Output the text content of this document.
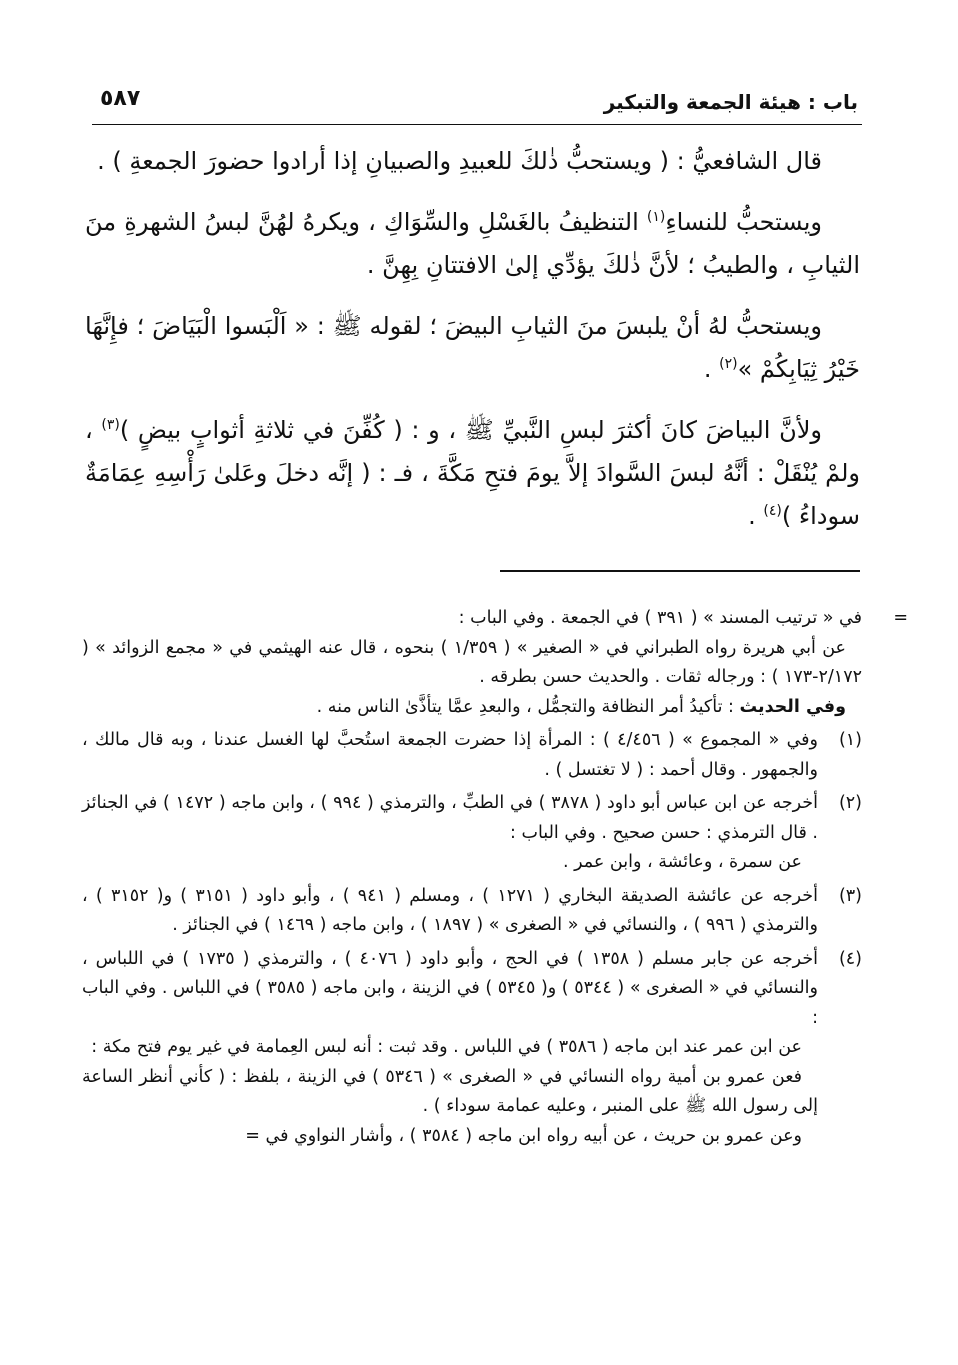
باب : هيئة الجمعة والتبكير
٥٨٧

قال الشافعيُّ : ( ويستحبُّ ذٰلكَ للعبيدِ والصبيانِ إذا أرادوا حضورَ الجمعةِ ) .

ويستحبُّ للنساءِ$^{(١)}$ التنظيفُ بالغَسْلِ والسِّوَاكِ ، ويكرهُ لهُنَّ لبسُ الشهرةِ منَ الثيابِ ، والطيبُ ؛ لأنَّ ذٰلكَ يؤدِّي إلىٰ الافتتانِ بِهِنَّ .

ويستحبُّ لهُ أنْ يلبسَ منَ الثيابِ البيضَ ؛ لقوله ﷺ : « اَلْبَسوا الْبَيَاضَ ؛ فإِنَّهَا خَيْرُ ثِيَابِكُمْ »$^{(٢)}$ .

ولأنَّ البياضَ كانَ أكثرَ لبسِ النَّبيِّ ﷺ ، و : ( كُفِّنَ في ثلاثةِ أثوابٍ بيضٍ )$^{(٣)}$ ، ولمْ يُنْقَلْ : أنَّهُ لبسَ السَّوادَ إلاَّ يومَ فتحِ مَكَّةَ ، فـ : ( إنَّه دخلَ وعَلىٰ رَأْسِهِ عِمَامَةٌ سوداءُ )$^{(٤)}$ .

=

في « ترتيب المسند » ( ٣٩١ ) في الجمعة . وفي الباب :

عن أبي هريرة رواه الطبراني في « الصغير » ( ١/٣٥٩ ) بنحوه ، قال عنه الهيثمي في « مجمع الزوائد » ( ٢/١٧٢-١٧٣ ) : ورجاله ثقات . والحديث حسن بطرقه .

وفي الحديث : تأكيدُ أمر النظافة والتجمُّل ، والبعدِ عمَّا يتأذَّىٰ الناس منه .

(١)

وفي « المجموع » ( ٤/٤٥٦ ) : المرأة إذا حضرت الجمعة استُحبَّ لها الغسل عندنا ، وبه قال مالك ، والجمهور . وقال أحمد : ( لا تغتسل ) .

(٢)

أخرجه عن ابن عباس أبو داود ( ٣٨٧٨ ) في الطبِّ ، والترمذي ( ٩٩٤ ) ، وابن ماجه ( ١٤٧٢ ) في الجنائز . قال الترمذي : حسن صحيح . وفي الباب :

عن سمرة ، وعائشة ، وابن عمر .

(٣)

أخرجه عن عائشة الصديقة البخاري ( ١٢٧١ ) ، ومسلم ( ٩٤١ ) ، وأبو داود ( ٣١٥١ ) و( ٣١٥٢ ) ، والترمذي ( ٩٩٦ ) ، والنسائي في « الصغرى » ( ١٨٩٧ ) ، وابن ماجه ( ١٤٦٩ ) في الجنائز .

(٤)

أخرجه عن جابر مسلم ( ١٣٥٨ ) في الحج ، وأبو داود ( ٤٠٧٦ ) ، والترمذي ( ١٧٣٥ ) في اللباس ، والنسائي في « الصغرى » ( ٥٣٤٤ ) و( ٥٣٤٥ ) في الزينة ، وابن ماجه ( ٣٥٨٥ ) في اللباس . وفي الباب :

عن ابن عمر عند ابن ماجه ( ٣٥٨٦ ) في اللباس . وقد ثبت : أنه لبس العِمامة في غير يوم فتح مكة :

فعن عمرو بن أمية رواه النسائي في « الصغرى » ( ٥٣٤٦ ) في الزينة ، بلفظ : ( كأني أنظر الساعة إلى رسول الله ﷺ على المنبر ، وعليه عمامة سوداء ) .

وعن عمرو بن حريث ، عن أبيه رواه ابن ماجه ( ٣٥٨٤ ) ، وأشار النواوي في =
